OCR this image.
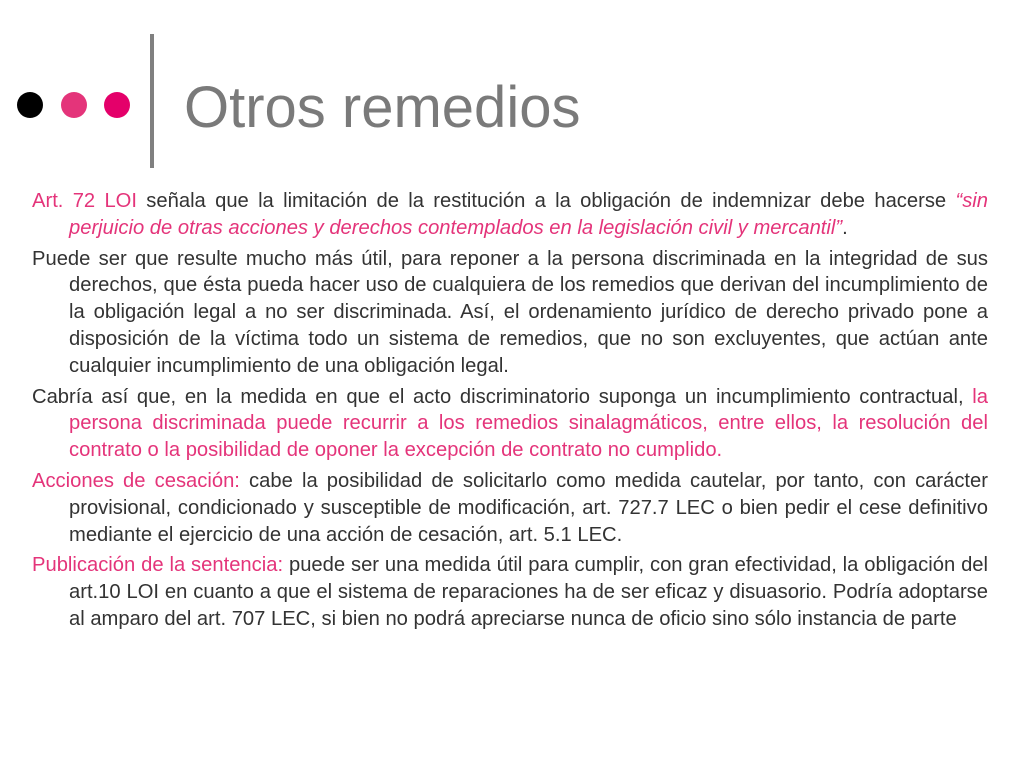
Otros remedios

Art. 72 LOI señala que la limitación de la restitución a la obligación de indemnizar debe hacerse “sin perjuicio de otras acciones y derechos contemplados en la legislación civil y mercantil”.

Puede ser que resulte mucho más útil, para reponer a la persona discriminada en la integridad de sus derechos, que ésta pueda hacer uso de cualquiera de los remedios que derivan del incumplimiento de la obligación legal a no ser discriminada. Así, el ordenamiento jurídico de derecho privado pone a disposición de la víctima todo un sistema de remedios, que no son excluyentes, que actúan ante cualquier incumplimiento de una obligación legal.

Cabría así que, en la medida en que el acto discriminatorio suponga un incumplimiento contractual, la persona discriminada puede recurrir a los remedios sinalagmáticos, entre ellos, la resolución del contrato o la posibilidad de oponer la excepción de contrato no cumplido.

Acciones de cesación: cabe la posibilidad de solicitarlo como medida cautelar, por tanto, con carácter provisional, condicionado y susceptible de modificación, art. 727.7 LEC o bien pedir el cese definitivo mediante el ejercicio de una acción de cesación, art. 5.1 LEC.

Publicación de la sentencia: puede ser una medida útil para cumplir, con gran efectividad, la obligación del art.10 LOI en cuanto a que el sistema de reparaciones ha de ser eficaz y disuasorio. Podría adoptarse al amparo del art. 707 LEC, si bien no podrá apreciarse nunca de oficio sino sólo instancia de parte
